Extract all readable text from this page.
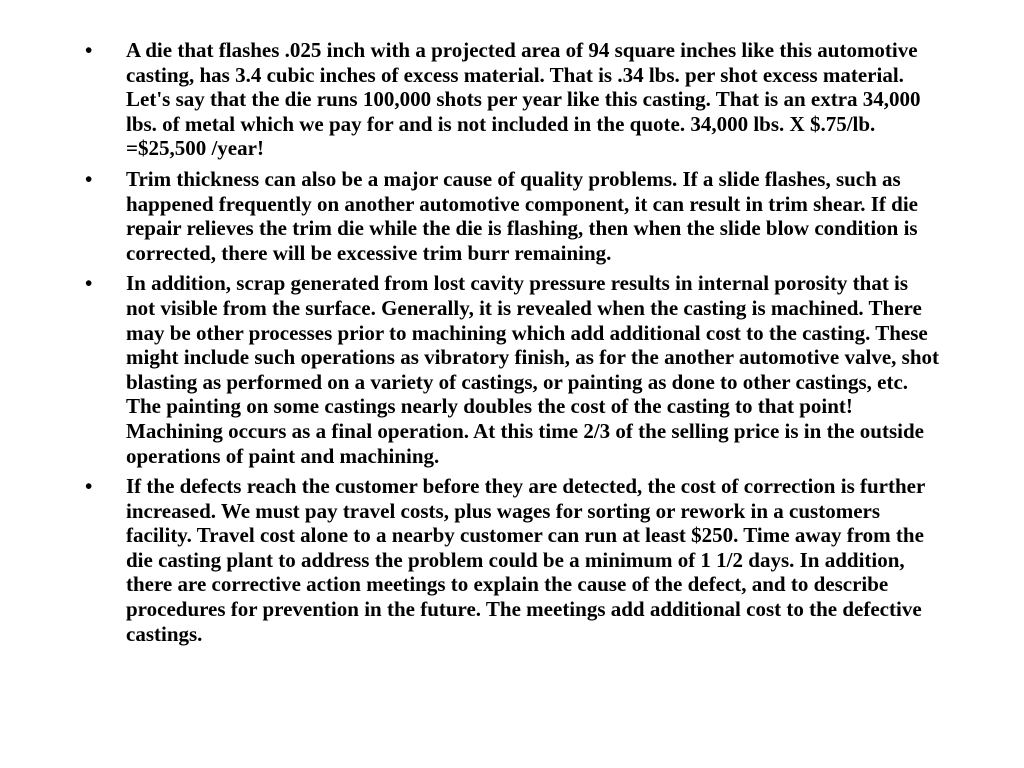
• A die that flashes .025 inch with a projected area of 94 square inches like this automotive casting, has 3.4 cubic inches of excess material. That is .34 lbs. per shot excess material. Let's say that the die runs 100,000 shots per year like this casting. That is an extra 34,000 lbs. of metal which we pay for and is not included in the quote. 34,000 lbs. X $.75/lb. =$25,500 /year!
• Trim thickness can also be a major cause of quality problems. If a slide flashes, such as happened frequently on another automotive component, it can result in trim shear. If die repair relieves the trim die while the die is flashing, then when the slide blow condition is corrected, there will be excessive trim burr remaining.
• In addition, scrap generated from lost cavity pressure results in internal porosity that is not visible from the surface. Generally, it is revealed when the casting is machined. There may be other processes prior to machining which add additional cost to the casting. These might include such operations as vibratory finish, as for the another automotive valve, shot blasting as performed on a variety of castings, or painting as done to other castings, etc. The painting on some castings nearly doubles the cost of the casting to that point! Machining occurs as a final operation. At this time 2/3 of the selling price is in the outside operations of paint and machining.
• If the defects reach the customer before they are detected, the cost of correction is further increased. We must pay travel costs, plus wages for sorting or rework in a customers facility. Travel cost alone to a nearby customer can run at least $250. Time away from the die casting plant to address the problem could be a minimum of 1 1/2 days. In addition, there are corrective action meetings to explain the cause of the defect, and to describe procedures for prevention in the future. The meetings add additional cost to the defective castings.
